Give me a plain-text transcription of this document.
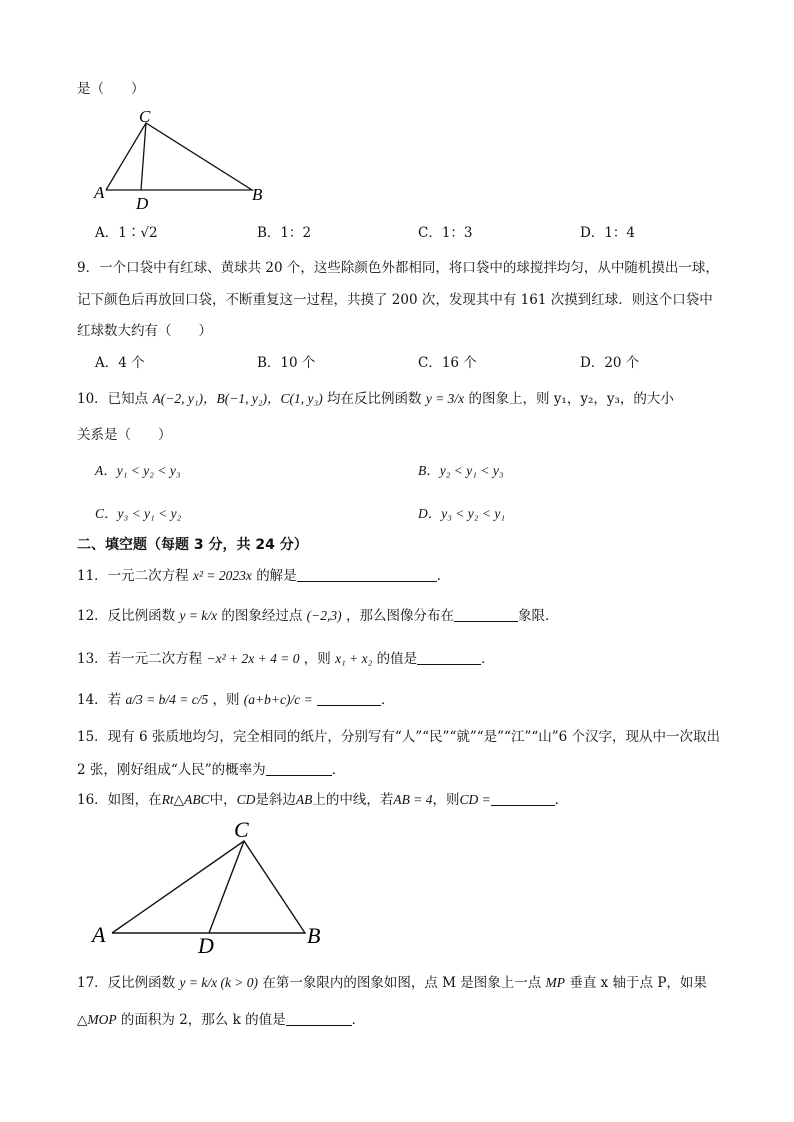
是（　　）
C
A
D	B
A．1∶√2	B．1：2	C．1：3	D．1：4
9．一个口袋中有红球、黄球共 20 个，这些除颜色外都相同，将口袋中的球搅拌均匀，从中随机摸出一球，
记下颜色后再放回口袋，不断重复这一过程，共摸了 200 次，发现其中有 161 次摸到红球．则这个口袋中
红球数大约有（　　）
A．4 个	B．10 个	C．16 个	D．20 个
10．已知点 A(−2, y₁)，B(−1, y₂)，C(1, y₃) 均在反比例函数 y = 3/x 的图象上，则 y₁，y₂，y₃，的大小
关系是（　　）
A．y₁ < y₂ < y₃	B．y₂ < y₁ < y₃
C．y₃ < y₁ < y₂	D．y₃ < y₂ < y₁
二、填空题（每题 3 分，共 24 分）
11．一元二次方程 x² = 2023x 的解是	．
12．反比例函数 y = k/x 的图象经过点 (−2,3) ，那么图像分布在	象限．
13．若一元二次方程 −x² + 2x + 4 = 0 ，则 x₁ + x₂ 的值是	．
14．若 a/3 = b/4 = c/5 ，则 (a+b+c)/c =	．
15．现有 6 张质地均匀，完全相同的纸片，分别写有“人”“民”“就”“是”“江”“山”6 个汉字，现从中一次取出
2 张，刚好组成“人民”的概率为	．
16．如图，在Rt△ABC中，CD是斜边AB上的中线，若AB = 4，则CD =	．
C
A	D	B
17．反比例函数 y = k/x (k > 0) 在第一象限内的图象如图，点 M 是图象上一点 MP 垂直 x 轴于点 P，如果
△MOP 的面积为 2，那么 k 的值是	．
